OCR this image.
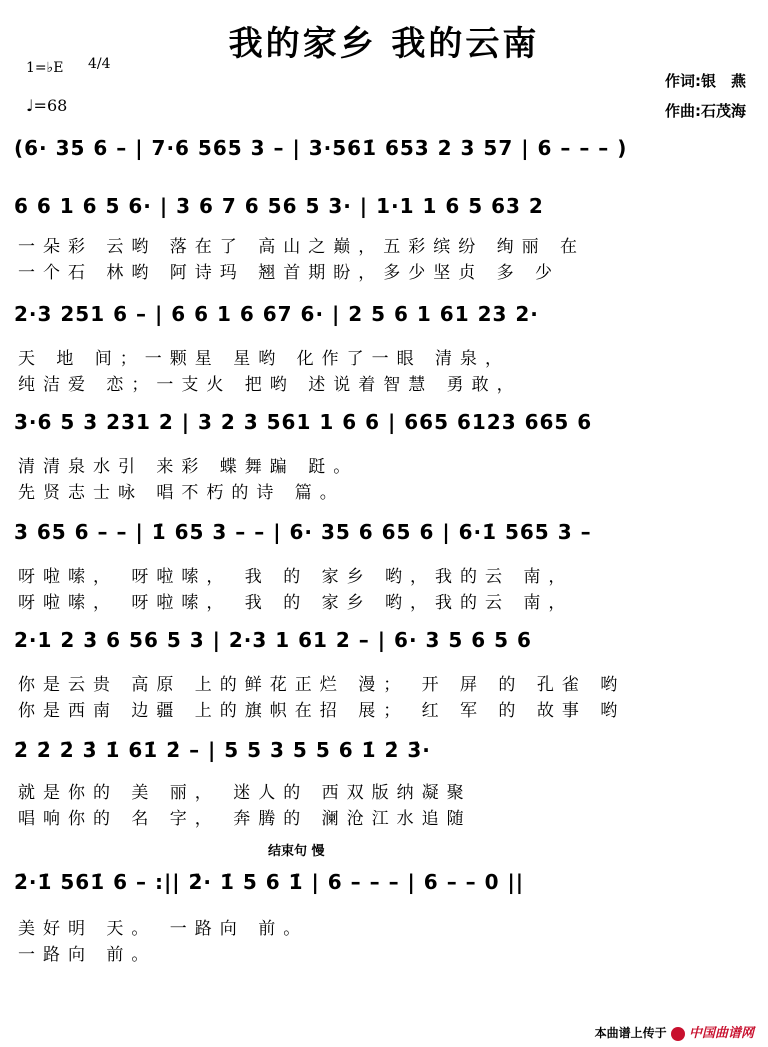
我的家乡 我的云南
1=♭E 4/4
♩=68
作词:银　燕
作曲:石茂海
(6· 35 6 – | 7·6 565 3 – | 3·561̇ 653 2 3 57 | 6 – – – )
6 6 1 6 5 6· | 3 6 7 6 56 5 3· | 1·1 1 6 5 63 2
一朵彩 云哟 落在了 高山之巅，五彩缤纷 绚丽 在
一个石 林哟 阿诗玛 翘首期盼，多少坚贞 多 少
2·3 251 6 – | 6 6 1 6 67 6· | 2 5 6 1 61 23 2·
天 地 间；一颗星 星哟 化作了一眼 清泉，
纯洁爱 恋；一支火 把哟 述说着智慧 勇敢，
3·6 5 3 231 2 | 3 2 3 561 1 6 6 | 665 6123 665 6
清清泉水引 来彩 蝶舞蹁 跹。
先贤志士咏 唱不朽的诗 篇。
3 65 6 – – | 1̇ 65 3 – – | 6· 35 6 65 6 | 6·1̇ 565 3 –
呀啦嗦， 呀啦嗦， 我 的 家乡 哟，我的云 南，
呀啦嗦， 呀啦嗦， 我 的 家乡 哟，我的云 南，
2·1 2 3 6 56 5 3 | 2·3 1 61 2 – | 6· 3 5 6 5 6
你是云贵 高原 上的鲜花正烂 漫； 开 屏 的 孔雀 哟
你是西南 边疆 上的旗帜在招 展； 红 军 的 故事 哟
2̇ 2̇ 2̇ 3̇ 1̇ 61̇ 2̇ – | 5 5 3 5 5 6 1̇ 2̇ 3̇·
就是你的 美 丽， 迷人的 西双版纳凝聚
唱响你的 名 字， 奔腾的 澜沧江水追随
结束句 慢
2̇·1̇ 561̇ 6 – :|| 2̇· 1̇ 5 6 1̇ | 6 – – – | 6 – – 0 ||
美好明 天。 一路向 前。
一路向 前。
本曲谱上传于 中国曲谱网
